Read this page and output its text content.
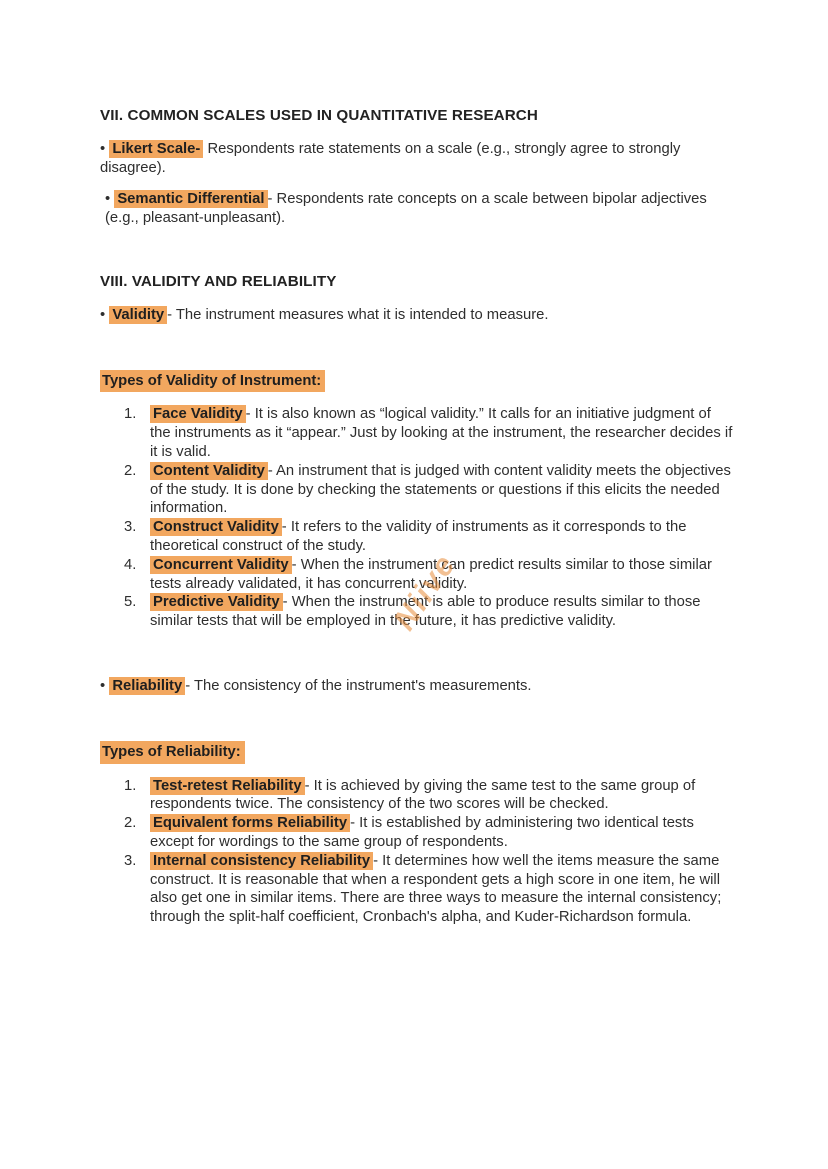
Niive
VII. COMMON SCALES USED IN QUANTITATIVE RESEARCH

• Likert Scale- Respondents rate statements on a scale (e.g., strongly agree to strongly disagree).

• Semantic Differential - Respondents rate concepts on a scale between bipolar adjectives (e.g., pleasant-unpleasant).

VIII. VALIDITY AND RELIABILITY

• Validity - The instrument measures what it is intended to measure.

Types of Validity of Instrument:
1.	Face Validity - It is also known as “logical validity.” It calls for an initiative judgment of the instruments as it “appear.” Just by looking at the instrument, the researcher decides if it is valid.
2.	Content Validity - An instrument that is judged with content validity meets the objectives of the study. It is done by checking the statements or questions if this elicits the needed information.
3.	Construct Validity - It refers to the validity of instruments as it corresponds to the theoretical construct of the study.
4.	Concurrent Validity - When the instrument can predict results similar to those similar tests already validated, it has concurrent validity.
5.	Predictive Validity - When the instrument is able to produce results similar to those similar tests that will be employed in the future, it has predictive validity.

• Reliability - The consistency of the instrument's measurements.

Types of Reliability:
1.	Test-retest Reliability - It is achieved by giving the same test to the same group of respondents twice. The consistency of the two scores will be checked.
2.	Equivalent forms Reliability - It is established by administering two identical tests except for wordings to the same group of respondents.
3.	Internal consistency Reliability - It determines how well the items measure the same construct. It is reasonable that when a respondent gets a high score in one item, he will also get one in similar items. There are three ways to measure the internal consistency; through the split-half coefficient, Cronbach's alpha, and Kuder-Richardson formula.
